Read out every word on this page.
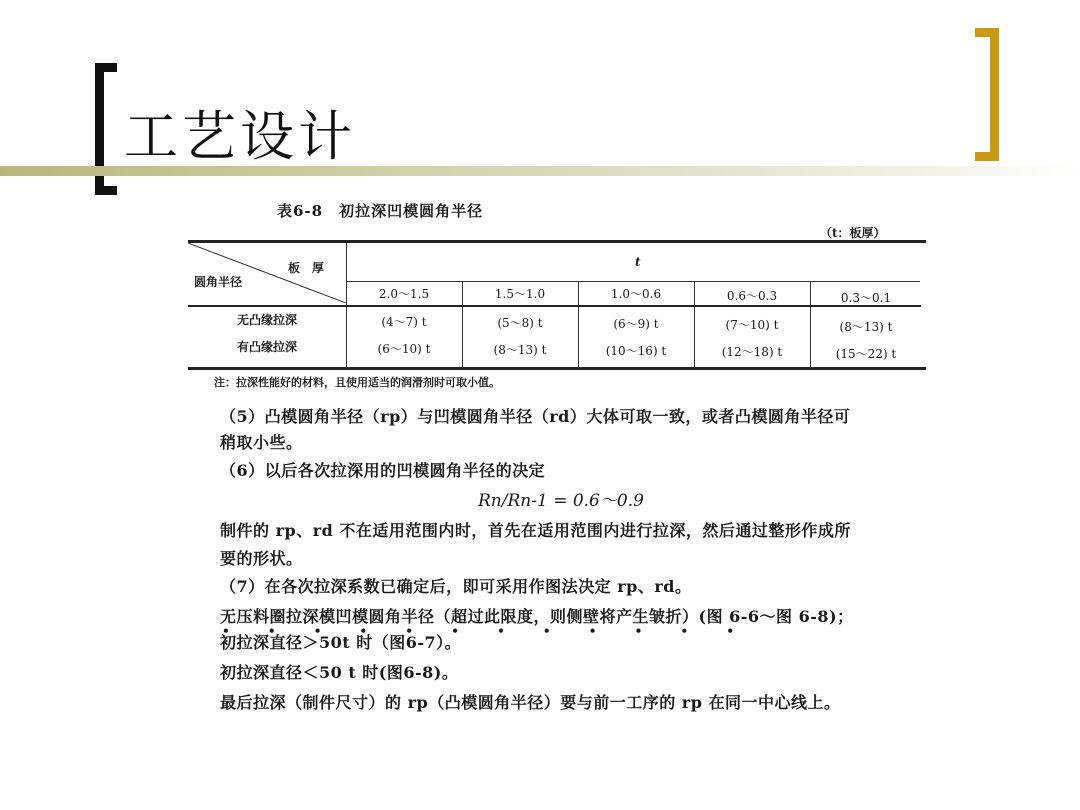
工艺设计
表6-8　初拉深凹模圆角半径
（t：板厚）
板　厚
圆角半径
t
2.0～1.5	1.5～1.0	1.0～0.6	0.6～0.3	0.3～0.1
无凸缘拉深	(4～7) t	(5～8) t	(6～9) t	(7～10) t	(8～13) t
有凸缘拉深	(6～10) t	(8～13) t	(10～16) t	(12～18) t	(15～22) t
注：拉深性能好的材料，且使用适当的润滑剂时可取小值。
（5）凸模圆角半径（rp）与凹模圆角半径（rd）大体可取一致，或者凸模圆角半径可
稍取小些。
（6）以后各次拉深用的凹模圆角半径的决定
Rn/Rn-1 = 0.6～0.9
制件的 rp、rd 不在适用范围内时，首先在适用范围内进行拉深，然后通过整形作成所
要的形状。
（7）在各次拉深系数已确定后，即可采用作图法决定 rp、rd。
无压料圈拉深模凹模圆角半径（超过此限度，则侧壁将产生皱折）(图 6-6～图 6-8)；
• • • • • • • • • • • •
初拉深直径＞50t 时（图6-7）。
初拉深直径＜50 t 时(图6-8)。
最后拉深（制件尺寸）的 rp（凸模圆角半径）要与前一工序的 rp 在同一中心线上。
